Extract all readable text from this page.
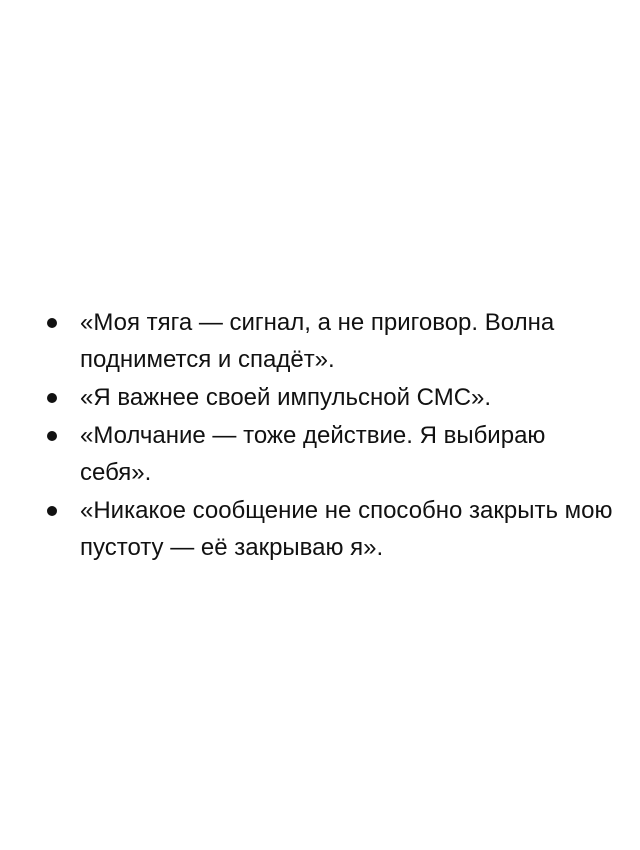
«Моя тяга — сигнал, а не приговор. Волна поднимется и спадёт».
«Я важнее своей импульсной СМС».
«Молчание — тоже действие. Я выбираю себя».
«Никакое сообщение не способно закрыть мою пустоту — её закрываю я».
